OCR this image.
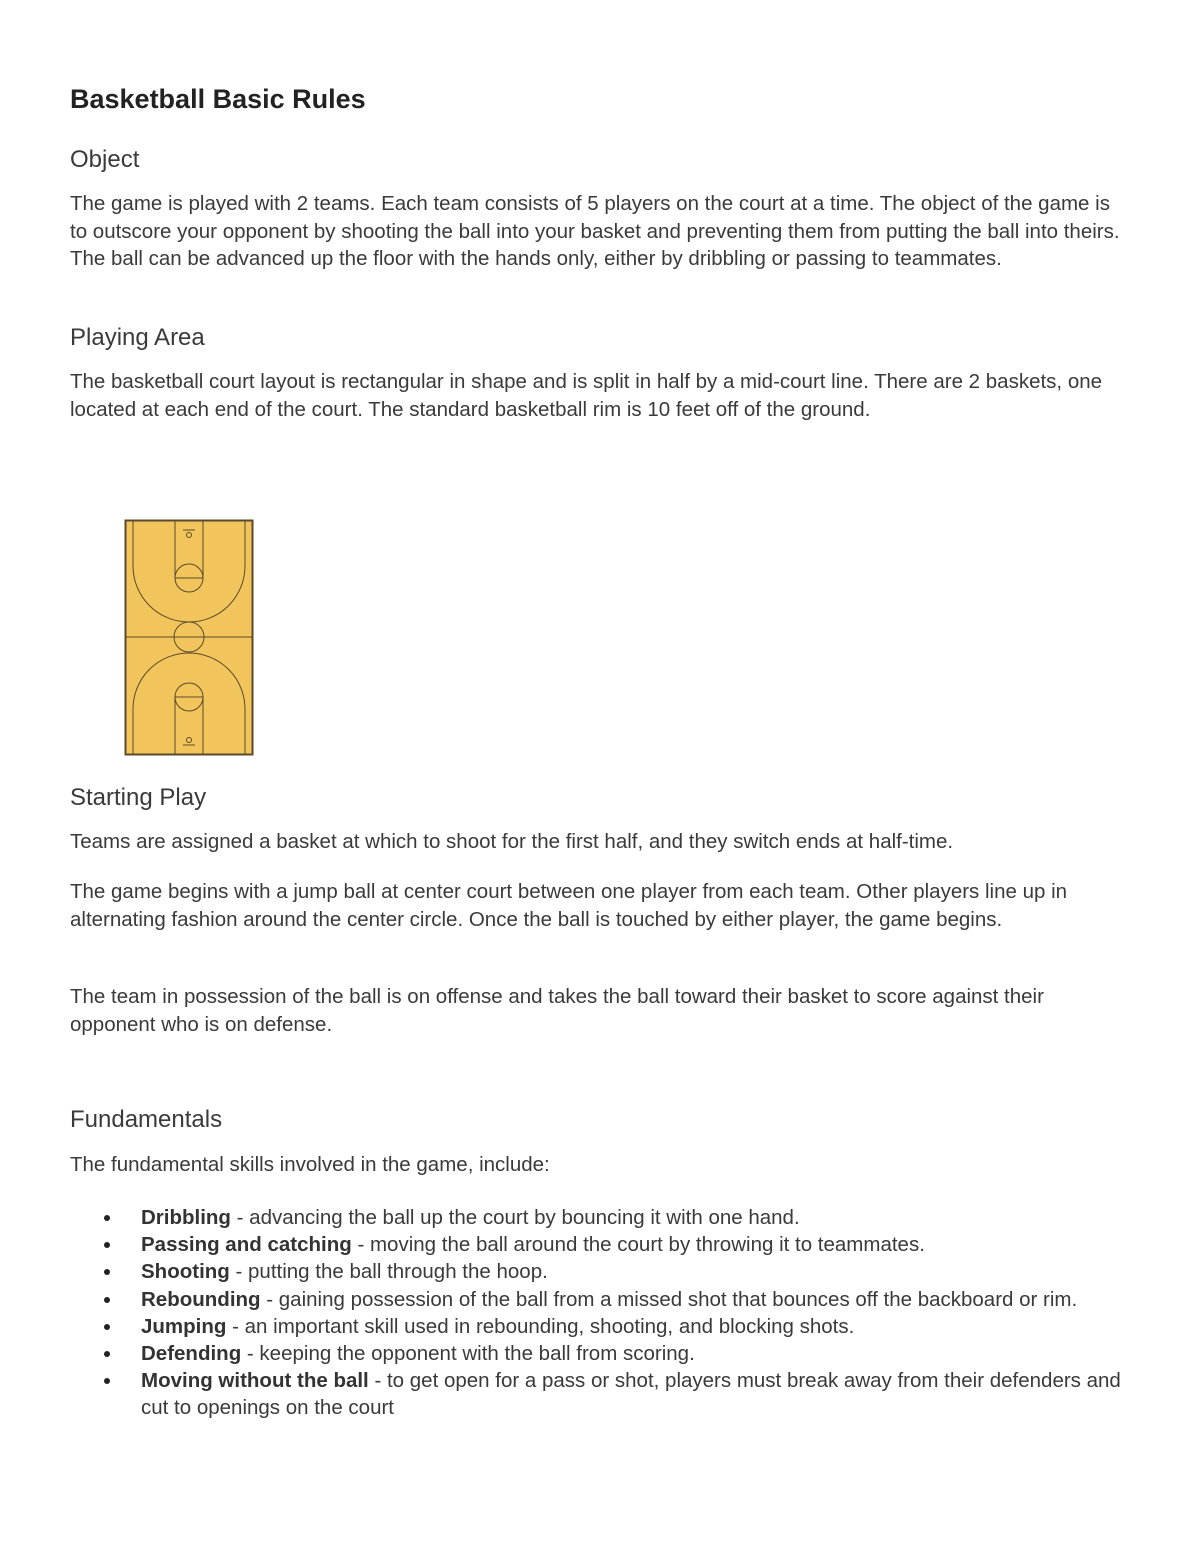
Basketball Basic Rules
Object

The game is played with 2 teams. Each team consists of 5 players on the court at a time. The object of the game is to outscore your opponent by shooting the ball into your basket and preventing them from putting the ball into theirs. The ball can be advanced up the floor with the hands only, either by dribbling or passing to teammates.

Playing Area

The basketball court layout is rectangular in shape and is split in half by a mid-court line. There are 2 baskets, one located at each end of the court. The standard basketball rim is 10 feet off of the ground.

Starting Play

Teams are assigned a basket at which to shoot for the first half, and they switch ends at half-time.

The game begins with a jump ball at center court between one player from each team. Other players line up in alternating fashion around the center circle. Once the ball is touched by either player, the game begins.

The team in possession of the ball is on offense and takes the ball toward their basket to score against their opponent who is on defense.

Fundamentals

The fundamental skills involved in the game, include:

Dribbling - advancing the ball up the court by bouncing it with one hand.
Passing and catching - moving the ball around the court by throwing it to teammates.
Shooting - putting the ball through the hoop.
Rebounding - gaining possession of the ball from a missed shot that bounces off the backboard or rim.
Jumping - an important skill used in rebounding, shooting, and blocking shots.
Defending - keeping the opponent with the ball from scoring.
Moving without the ball - to get open for a pass or shot, players must break away from their defenders and cut to openings on the court
